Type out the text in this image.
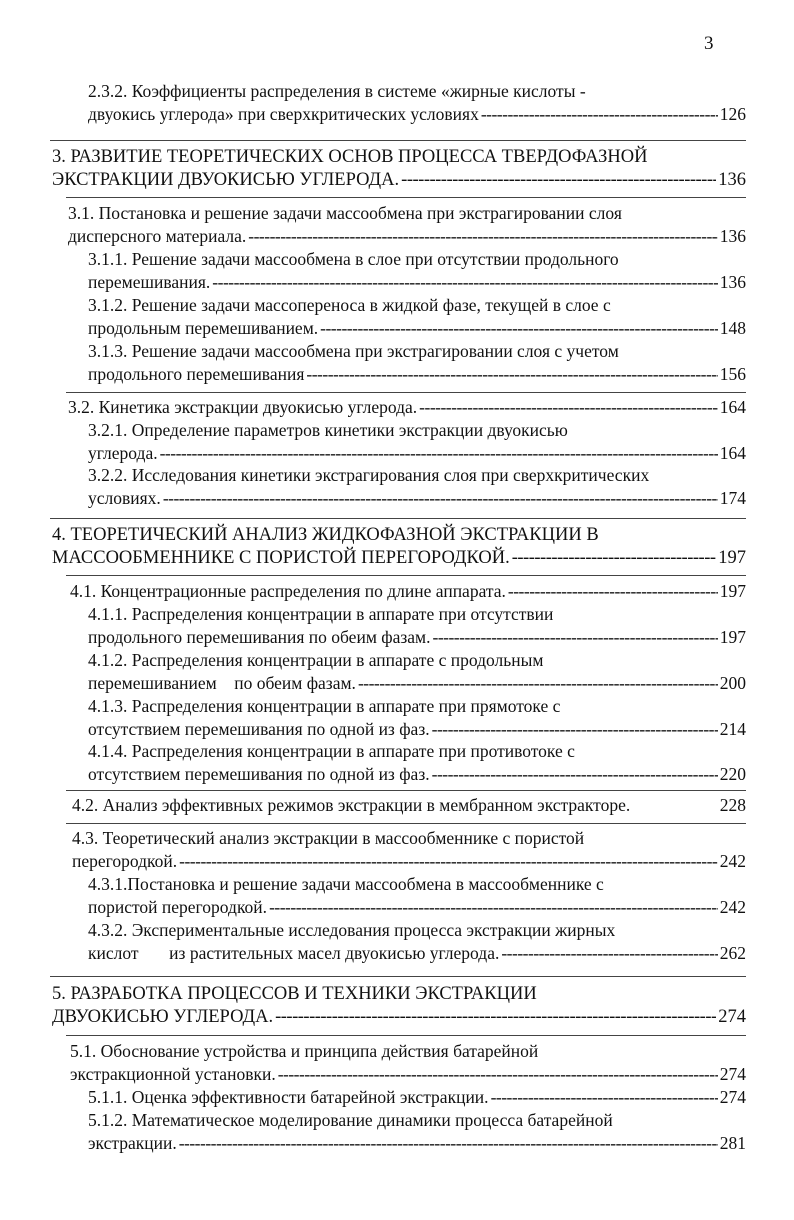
3
2.3.2. Коэффициенты распределения в системе «жирные кислоты -
двуокись углерода» при сверхкритических условиях -----	126
3. РАЗВИТИЕ ТЕОРЕТИЧЕСКИХ ОСНОВ ПРОЦЕССА ТВЕРДОФАЗНОЙ
ЭКСТРАКЦИИ ДВУОКИСЬЮ УГЛЕРОДА. -----	136
3.1. Постановка и решение задачи массообмена при экстрагировании слоя
дисперсного материала. -----	136
3.1.1. Решение задачи массообмена в слое при отсутствии продольного
перемешивания. -----	136
3.1.2. Решение задачи массопереноса в жидкой фазе, текущей в слое с
продольным перемешиванием. -----	148
3.1.3. Решение задачи массообмена при экстрагировании слоя с учетом
продольного перемешивания -----	156
3.2. Кинетика экстракции двуокисью углерода. -----	164
3.2.1. Определение параметров кинетики экстракции двуокисью
углерода. -----	164
3.2.2. Исследования кинетики экстрагирования слоя при сверхкритических
условиях. -----	174
4. ТЕОРЕТИЧЕСКИЙ АНАЛИЗ ЖИДКОФАЗНОЙ ЭКСТРАКЦИИ В
МАССООБМЕННИКЕ С ПОРИСТОЙ ПЕРЕГОРОДКОЙ. -----	197
4.1. Концентрационные распределения по длине аппарата. -----	197
4.1.1. Распределения концентрации в аппарате при отсутствии
продольного перемешивания по обеим фазам. -----	197
4.1.2. Распределения концентрации в аппарате с продольным
перемешиванием    по обеим фазам. -----	200
4.1.3. Распределения концентрации в аппарате при прямотоке с
отсутствием перемешивания по одной из фаз. -----	214
4.1.4. Распределения концентрации в аппарате при противотоке с
отсутствием перемешивания по одной из фаз. -----	220
4.2. Анализ эффективных режимов экстракции в мембранном экстракторе.	228
4.3. Теоретический анализ экстракции в массообменнике с пористой
перегородкой. -----	242
4.3.1.Постановка и решение задачи массообмена в массообменнике с
пористой перегородкой. -----	242
4.3.2. Экспериментальные исследования процесса экстракции жирных
кислот       из растительных масел двуокисью углерода. -----	262
5. РАЗРАБОТКА ПРОЦЕССОВ И ТЕХНИКИ ЭКСТРАКЦИИ
ДВУОКИСЬЮ УГЛЕРОДА. -----	274
5.1. Обоснование устройства и принципа действия батарейной
экстракционной установки. -----	274
5.1.1. Оценка эффективности батарейной экстракции. -----	274
5.1.2. Математическое моделирование динамики процесса батарейной
экстракции. -----	281
